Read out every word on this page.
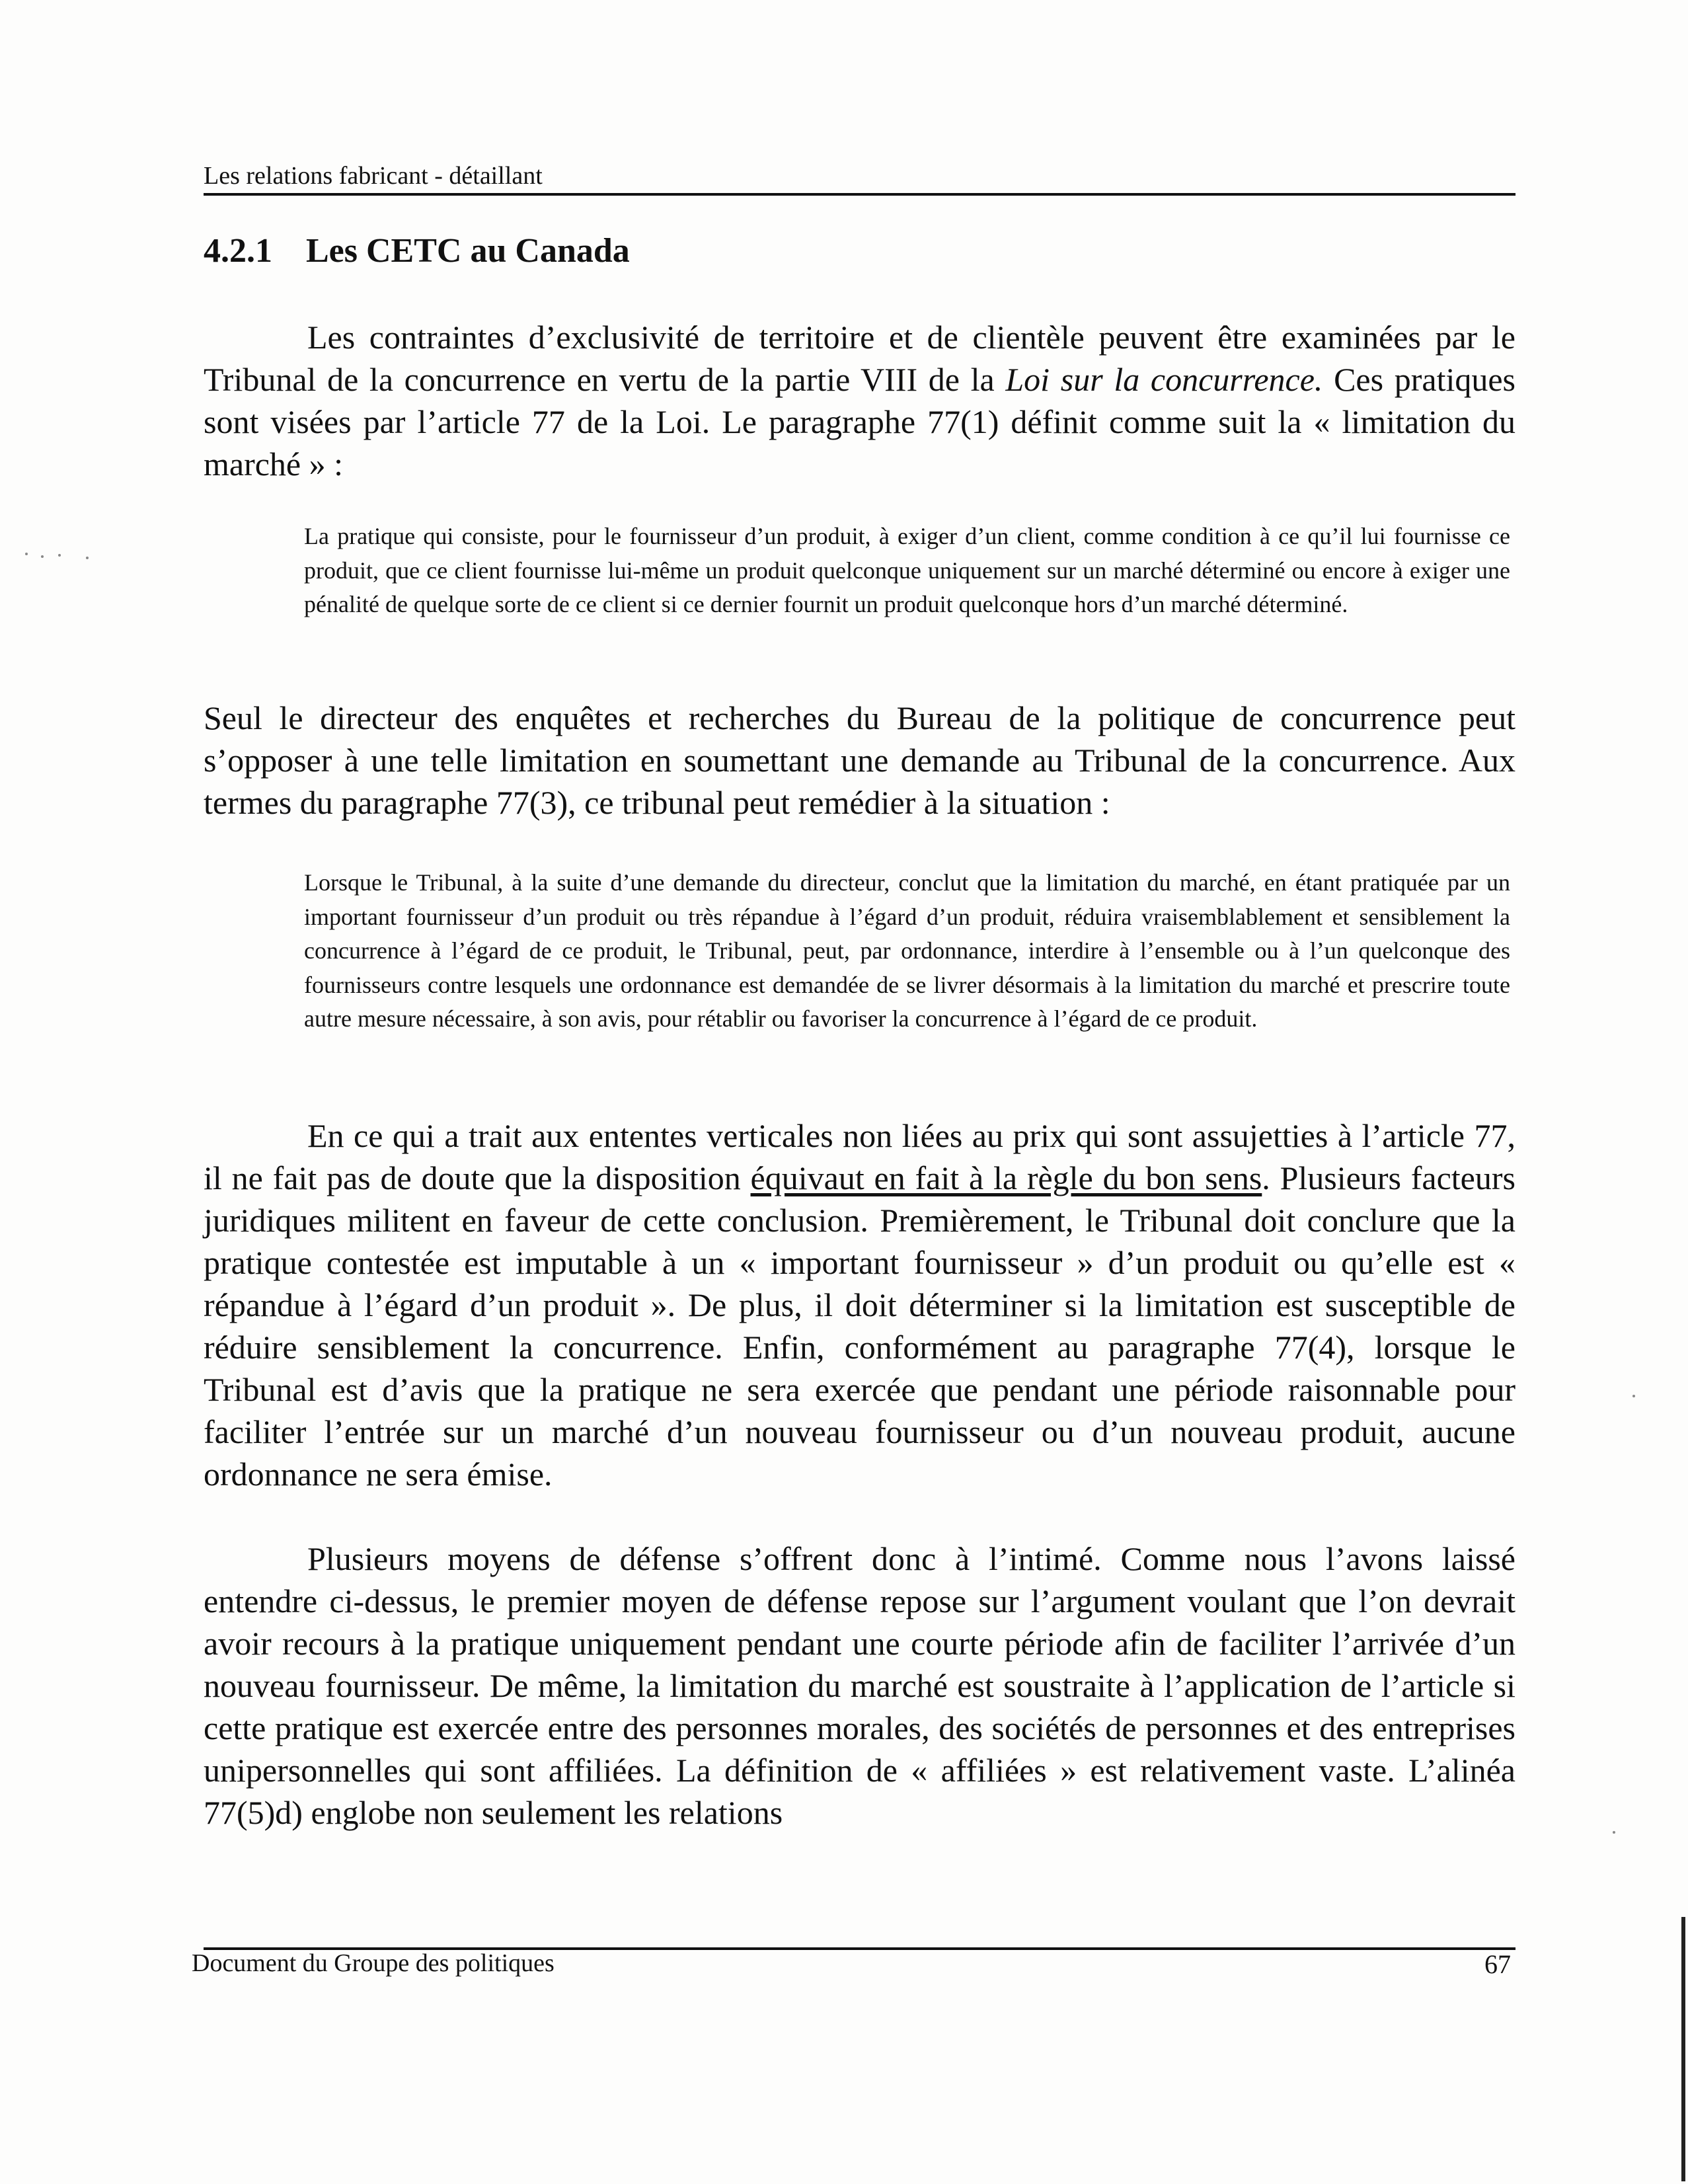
Les relations fabricant - détaillant
4.2.1 Les CETC au Canada

Les contraintes d’exclusivité de territoire et de clientèle peuvent être examinées par le Tribunal de la concurrence en vertu de la partie VIII de la Loi sur la concurrence. Ces pratiques sont visées par l’article 77 de la Loi. Le paragraphe 77(1) définit comme suit la « limitation du marché » :

La pratique qui consiste, pour le fournisseur d’un produit, à exiger d’un client, comme condition à ce qu’il lui fournisse ce produit, que ce client fournisse lui-même un produit quelconque uniquement sur un marché déterminé ou encore à exiger une pénalité de quelque sorte de ce client si ce dernier fournit un produit quelconque hors d’un marché déterminé.

Seul le directeur des enquêtes et recherches du Bureau de la politique de concurrence peut s’opposer à une telle limitation en soumettant une demande au Tribunal de la concurrence. Aux termes du paragraphe 77(3), ce tribunal peut remédier à la situation :

Lorsque le Tribunal, à la suite d’une demande du directeur, conclut que la limitation du marché, en étant pratiquée par un important fournisseur d’un produit ou très répandue à l’égard d’un produit, réduira vraisemblablement et sensiblement la concurrence à l’égard de ce produit, le Tribunal, peut, par ordonnance, interdire à l’ensemble ou à l’un quelconque des fournisseurs contre lesquels une ordonnance est demandée de se livrer désormais à la limitation du marché et prescrire toute autre mesure nécessaire, à son avis, pour rétablir ou favoriser la concurrence à l’égard de ce produit.

En ce qui a trait aux ententes verticales non liées au prix qui sont assujetties à l’article 77, il ne fait pas de doute que la disposition équivaut en fait à la règle du bon sens. Plusieurs facteurs juridiques militent en faveur de cette conclusion. Premièrement, le Tribunal doit conclure que la pratique contestée est imputable à un « important fournisseur » d’un produit ou qu’elle est « répandue à l’égard d’un produit ». De plus, il doit déterminer si la limitation est susceptible de réduire sensiblement la concurrence. Enfin, conformément au paragraphe 77(4), lorsque le Tribunal est d’avis que la pratique ne sera exercée que pendant une période raisonnable pour faciliter l’entrée sur un marché d’un nouveau fournisseur ou d’un nouveau produit, aucune ordonnance ne sera émise.

Plusieurs moyens de défense s’offrent donc à l’intimé. Comme nous l’avons laissé entendre ci-dessus, le premier moyen de défense repose sur l’argument voulant que l’on devrait avoir recours à la pratique uniquement pendant une courte période afin de faciliter l’arrivée d’un nouveau fournisseur. De même, la limitation du marché est soustraite à l’application de l’article si cette pratique est exercée entre des personnes morales, des sociétés de personnes et des entreprises unipersonnelles qui sont affiliées. La définition de « affiliées » est relativement vaste. L’alinéa 77(5)d) englobe non seulement les relations

Document du Groupe des politiques	67
